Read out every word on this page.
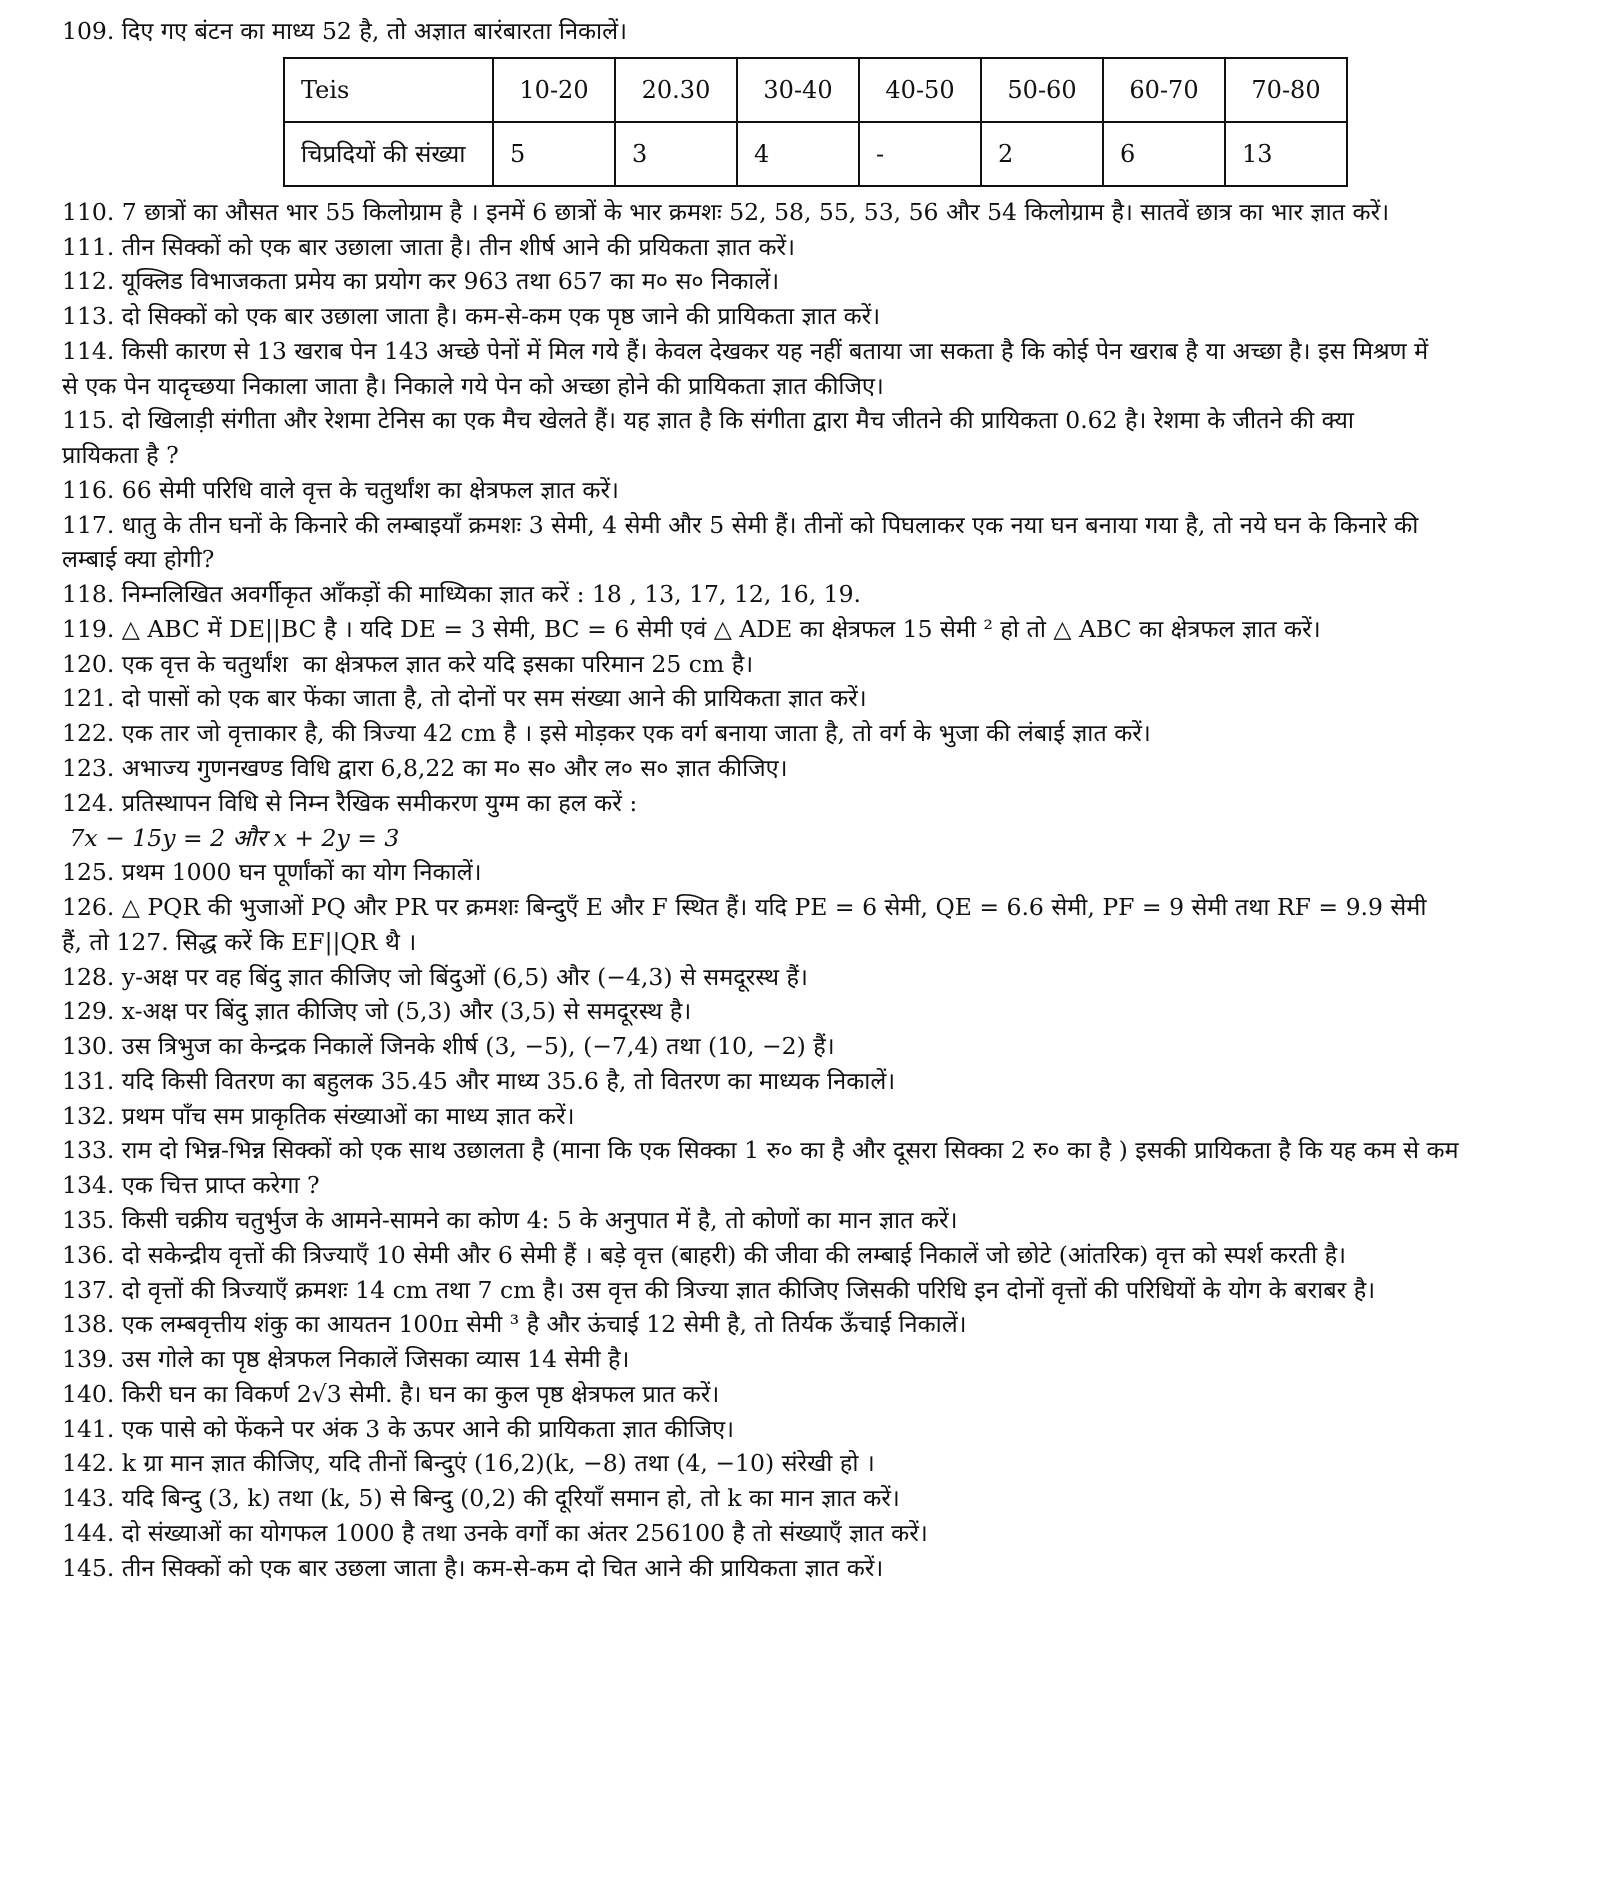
109. दिए गए बंटन का माध्य 52 है, तो अज्ञात बारंबारता निकालें।
Teis	10-20	20.30	30-40	40-50	50-60	60-70	70-80
चिप्रदियों की संख्या	5	3	4	-	2	6	13
110. 7 छात्रों का औसत भार 55 किलोग्राम है । इनमें 6 छात्रों के भार क्रमशः 52, 58, 55, 53, 56 और 54 किलोग्राम है। सातवें छात्र का भार ज्ञात करें।
111. तीन सिक्कों को एक बार उछाला जाता है। तीन शीर्ष आने की प्रयिकता ज्ञात करें।
112. यूक्लिड विभाजकता प्रमेय का प्रयोग कर 963 तथा 657 का म० स० निकालें।
113. दो सिक्कों को एक बार उछाला जाता है। कम-से-कम एक पृष्ठ जाने की प्रायिकता ज्ञात करें।
114. किसी कारण से 13 खराब पेन 143 अच्छे पेनों में मिल गये हैं। केवल देखकर यह नहीं बताया जा सकता है कि कोई पेन खराब है या अच्छा है। इस मिश्रण में
से एक पेन यादृच्छया निकाला जाता है। निकाले गये पेन को अच्छा होने की प्रायिकता ज्ञात कीजिए।
115. दो खिलाड़ी संगीता और रेशमा टेनिस का एक मैच खेलते हैं। यह ज्ञात है कि संगीता द्वारा मैच जीतने की प्रायिकता 0.62 है। रेशमा के जीतने की क्या
प्रायिकता है ?
116. 66 सेमी परिधि वाले वृत्त के चतुर्थांश का क्षेत्रफल ज्ञात करें।
117. धातु के तीन घनों के किनारे की लम्बाइयाँ क्रमशः 3 सेमी, 4 सेमी और 5 सेमी हैं। तीनों को पिघलाकर एक नया घन बनाया गया है, तो नये घन के किनारे की
लम्बाई क्या होगी?
118. निम्नलिखित अवर्गीकृत आँकड़ों की माध्यिका ज्ञात करें : 18 , 13, 17, 12, 16, 19.
119. △ ABC में DE||BC है । यदि DE = 3 सेमी, BC = 6 सेमी एवं △ ADE का क्षेत्रफल 15 सेमी ² हो तो △ ABC का क्षेत्रफल ज्ञात करें।
120. एक वृत्त के चतुर्थांश  का क्षेत्रफल ज्ञात करे यदि इसका परिमान 25 cm है।
121. दो पासों को एक बार फेंका जाता है, तो दोनों पर सम संख्या आने की प्रायिकता ज्ञात करें।
122. एक तार जो वृत्ताकार है, की त्रिज्या 42 cm है । इसे मोड़कर एक वर्ग बनाया जाता है, तो वर्ग के भुजा की लंबाई ज्ञात करें।
123. अभाज्य गुणनखण्ड विधि द्वारा 6,8,22 का म० स० और ल० स० ज्ञात कीजिए।
124. प्रतिस्थापन विधि से निम्न रैखिक समीकरण युग्म का हल करें :
7x − 15y = 2 और x + 2y = 3
125. प्रथम 1000 घन पूर्णांकों का योग निकालें।
126. △ PQR की भुजाओं PQ और PR पर क्रमशः बिन्दुएँ E और F स्थित हैं। यदि PE = 6 सेमी, QE = 6.6 सेमी, PF = 9 सेमी तथा RF = 9.9 सेमी
हैं, तो 127. सिद्ध करें कि EF||QR थै ।
128. y-अक्ष पर वह बिंदु ज्ञात कीजिए जो बिंदुओं (6,5) और (−4,3) से समदूरस्थ हैं।
129. x-अक्ष पर बिंदु ज्ञात कीजिए जो (5,3) और (3,5) से समदूरस्थ है।
130. उस त्रिभुज का केन्द्रक निकालें जिनके शीर्ष (3, −5), (−7,4) तथा (10, −2) हैं।
131. यदि किसी वितरण का बहुलक 35.45 और माध्य 35.6 है, तो वितरण का माध्यक निकालें।
132. प्रथम पाँच सम प्राकृतिक संख्याओं का माध्य ज्ञात करें।
133. राम दो भिन्न-भिन्न सिक्कों को एक साथ उछालता है (माना कि एक सिक्का 1 रु० का है और दूसरा सिक्का 2 रु० का है ) इसकी प्रायिकता है कि यह कम से कम
134. एक चित्त प्राप्त करेगा ?
135. किसी चक्रीय चतुर्भुज के आमने-सामने का कोण 4: 5 के अनुपात में है, तो कोणों का मान ज्ञात करें।
136. दो सकेन्द्रीय वृत्तों की त्रिज्याएँ 10 सेमी और 6 सेमी हैं । बड़े वृत्त (बाहरी) की जीवा की लम्बाई निकालें जो छोटे (आंतरिक) वृत्त को स्पर्श करती है।
137. दो वृत्तों की त्रिज्याएँ क्रमशः 14 cm तथा 7 cm है। उस वृत्त की त्रिज्या ज्ञात कीजिए जिसकी परिधि इन दोनों वृत्तों की परिधियों के योग के बराबर है।
138. एक लम्बवृत्तीय शंकु का आयतन 100π सेमी ³ है और ऊंचाई 12 सेमी है, तो तिर्यक ऊँचाई निकालें।
139. उस गोले का पृष्ठ क्षेत्रफल निकालें जिसका व्यास 14 सेमी है।
140. किरी घन का विकर्ण 2√3 सेमी. है। घन का कुल पृष्ठ क्षेत्रफल प्रात करें।
141. एक पासे को फेंकने पर अंक 3 के ऊपर आने की प्रायिकता ज्ञात कीजिए।
142. k ग्रा मान ज्ञात कीजिए, यदि तीनों बिन्दुएं (16,2)(k, −8) तथा (4, −10) संरेखी हो ।
143. यदि बिन्दु (3, k) तथा (k, 5) से बिन्दु (0,2) की दूरियाँ समान हो, तो k का मान ज्ञात करें।
144. दो संख्याओं का योगफल 1000 है तथा उनके वर्गों का अंतर 256100 है तो संख्याएँ ज्ञात करें।
145. तीन सिक्कों को एक बार उछला जाता है। कम-से-कम दो चित आने की प्रायिकता ज्ञात करें।
